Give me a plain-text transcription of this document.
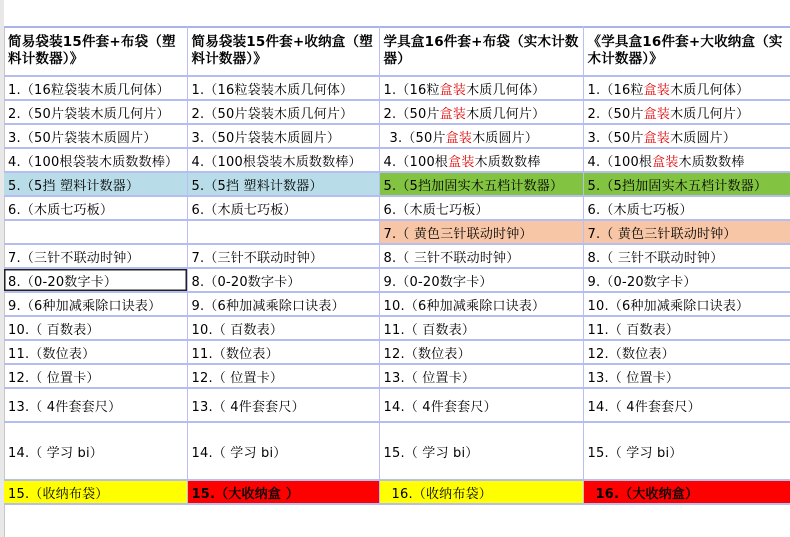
简易袋装15件套+布袋（塑料计数器）》	简易袋装15件套+收纳盒（塑料计数器）》	学具盒16件套+布袋（实木计数器）	《学具盒16件套+大收纳盒（实木计数器）》
1.（16粒袋装木质几何体）	1.（16粒袋装木质几何体）	1.（16粒盒装木质几何体）	1.（16粒盒装木质几何体）
2.（50片袋装木质几何片）	2.（50片袋装木质几何片）	2.（50片盒装木质几何片）	2.（50片盒装木质几何片）
3.（50片袋装木质圆片）	3.（50片袋装木质圆片）	3.（50片盒装木质圆片）	3.（50片盒装木质圆片）
4.（100根袋装木质数数棒）	4.（100根袋装木质数数棒）	4.（100根盒装木质数数棒	4.（100根盒装木质数数棒
5.（5挡 塑料计数器）	5.（5挡 塑料计数器）	5.（5挡加固实木五档计数器）	5.（5挡加固实木五档计数器）
6.（木质七巧板）	6.（木质七巧板）	6.（木质七巧板）	6.（木质七巧板）
		7.（ 黄色三针联动时钟）	7.（ 黄色三针联动时钟）
7.（三针不联动时钟）	7.（三针不联动时钟）	8.（ 三针不联动时钟）	8.（ 三针不联动时钟）
8.（0-20数字卡）	8.（0-20数字卡）	9.（0-20数字卡）	9.（0-20数字卡）
9.（6种加减乘除口诀表）	9.（6种加减乘除口诀表）	10.（6种加减乘除口诀表）	10.（6种加减乘除口诀表）
10.（ 百数表）	10.（ 百数表）	11.（ 百数表）	11.（ 百数表）
11.（数位表）	11.（数位表）	12.（数位表）	12.（数位表）
12.（ 位置卡）	12.（ 位置卡）	13.（ 位置卡）	13.（ 位置卡）
13.（ 4件套套尺）	13.（ 4件套套尺）	14.（ 4件套套尺）	14.（ 4件套套尺）
14.（ 学习 bi）	14.（ 学习 bi）	15.（ 学习 bi）	15.（ 学习 bi）
15.（收纳布袋）	15.（大收纳盒 ）	16.（收纳布袋）	16.（大收纳盒）
